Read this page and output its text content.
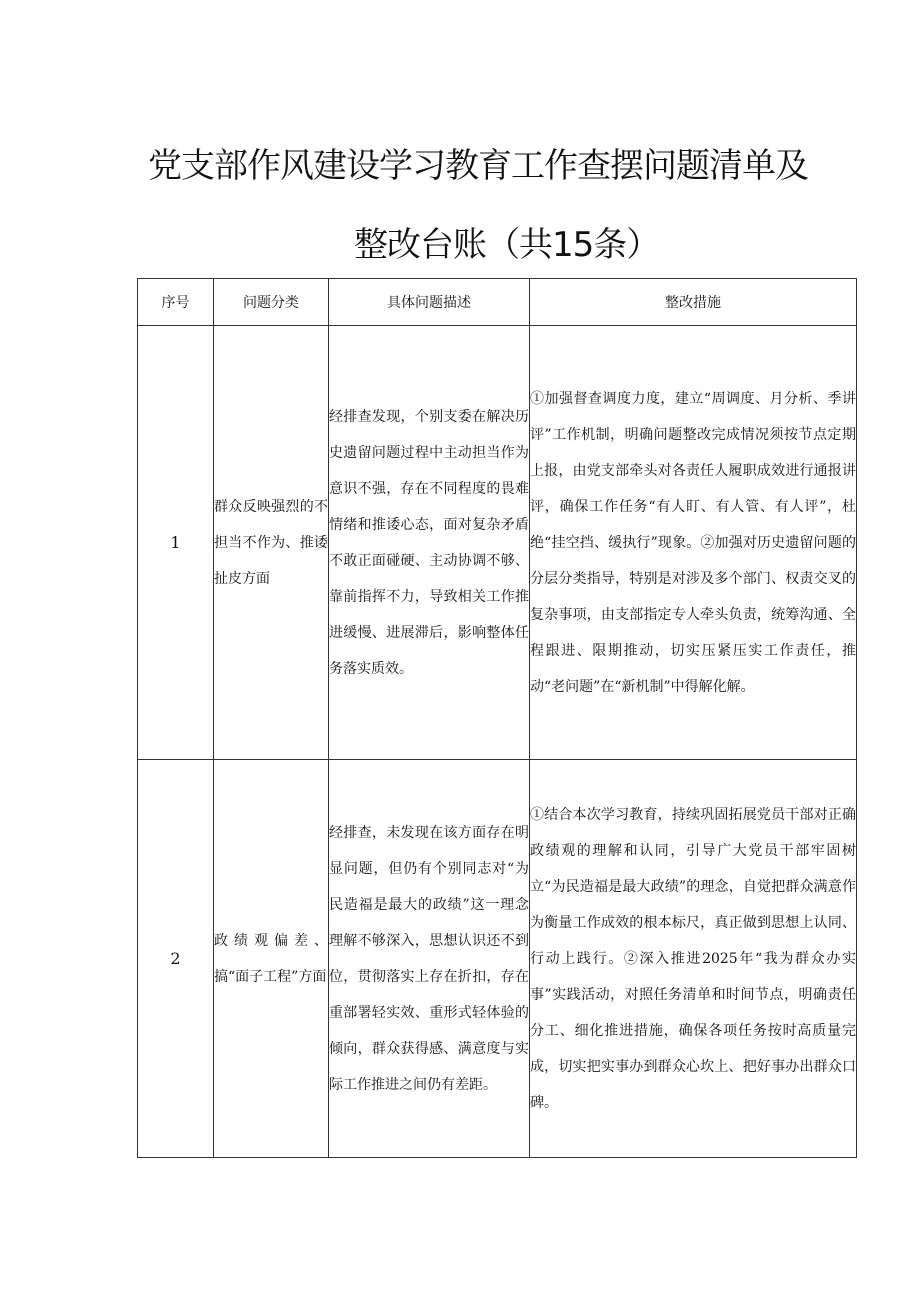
党支部作风建设学习教育工作查摆问题清单及
整改台账（共15条）
序号	问题分类	具体问题描述	整改措施
1	群众反映强烈的不担当不作为、推诿扯皮方面	经排查发现，个别支委在解决历史遗留问题过程中主动担当作为意识不强，存在不同程度的畏难情绪和推诿心态，面对复杂矛盾不敢正面碰硬、主动协调不够、靠前指挥不力，导致相关工作推进缓慢、进展滞后，影响整体任务落实质效。	①加强督查调度力度，建立“周调度、月分析、季讲评”工作机制，明确问题整改完成情况须按节点定期上报，由党支部牵头对各责任人履职成效进行通报讲评，确保工作任务“有人盯、有人管、有人评”，杜绝“挂空挡、缓执行”现象。②加强对历史遗留问题的分层分类指导，特别是对涉及多个部门、权责交叉的复杂事项，由支部指定专人牵头负责，统筹沟通、全程跟进、限期推动，切实压紧压实工作责任，推动“老问题”在“新机制”中得解化解。
2	政绩观偏差、搞“面子工程”方面	经排查，未发现在该方面存在明显问题，但仍有个别同志对“为民造福是最大的政绩”这一理念理解不够深入，思想认识还不到位，贯彻落实上存在折扣，存在重部署轻实效、重形式轻体验的倾向，群众获得感、满意度与实际工作推进之间仍有差距。	①结合本次学习教育，持续巩固拓展党员干部对正确政绩观的理解和认同，引导广大党员干部牢固树立“为民造福是最大政绩”的理念，自觉把群众满意作为衡量工作成效的根本标尺，真正做到思想上认同、行动上践行。②深入推进2025年“我为群众办实事”实践活动，对照任务清单和时间节点，明确责任分工、细化推进措施，确保各项任务按时高质量完成，切实把实事办到群众心坎上、把好事办出群众口碑。
